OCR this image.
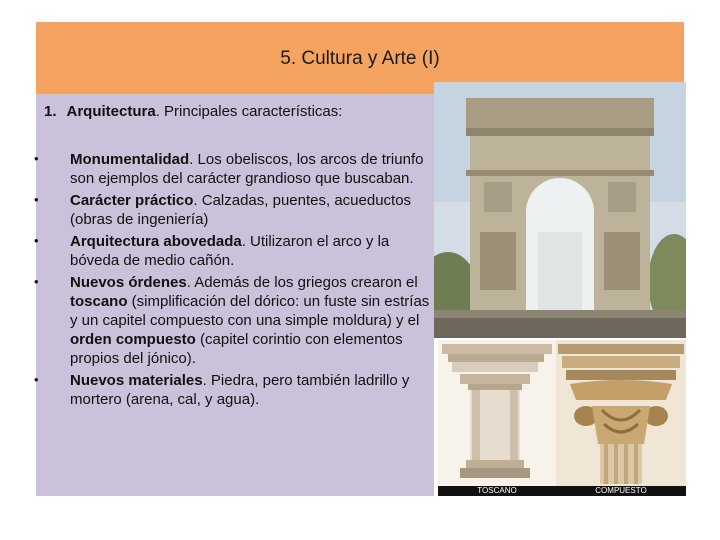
5. Cultura y Arte (I)
1. Arquitectura. Principales características:
• Monumentalidad. Los obeliscos, los arcos de triunfo son ejemplos del carácter grandioso que buscaban.
• Carácter práctico. Calzadas, puentes, acueductos (obras de ingeniería)
• Arquitectura abovedada. Utilizaron el arco y la bóveda de medio cañón.
• Nuevos órdenes. Además de los griegos crearon el toscano (simplificación del dórico: un fuste sin estrías y un capitel compuesto con una simple moldura) y el orden compuesto (capitel corintio con elementos propios del jónico).
• Nuevos materiales. Piedra, pero también ladrillo y mortero (arena, cal, y agua).
TOSCANO	COMPUESTO
